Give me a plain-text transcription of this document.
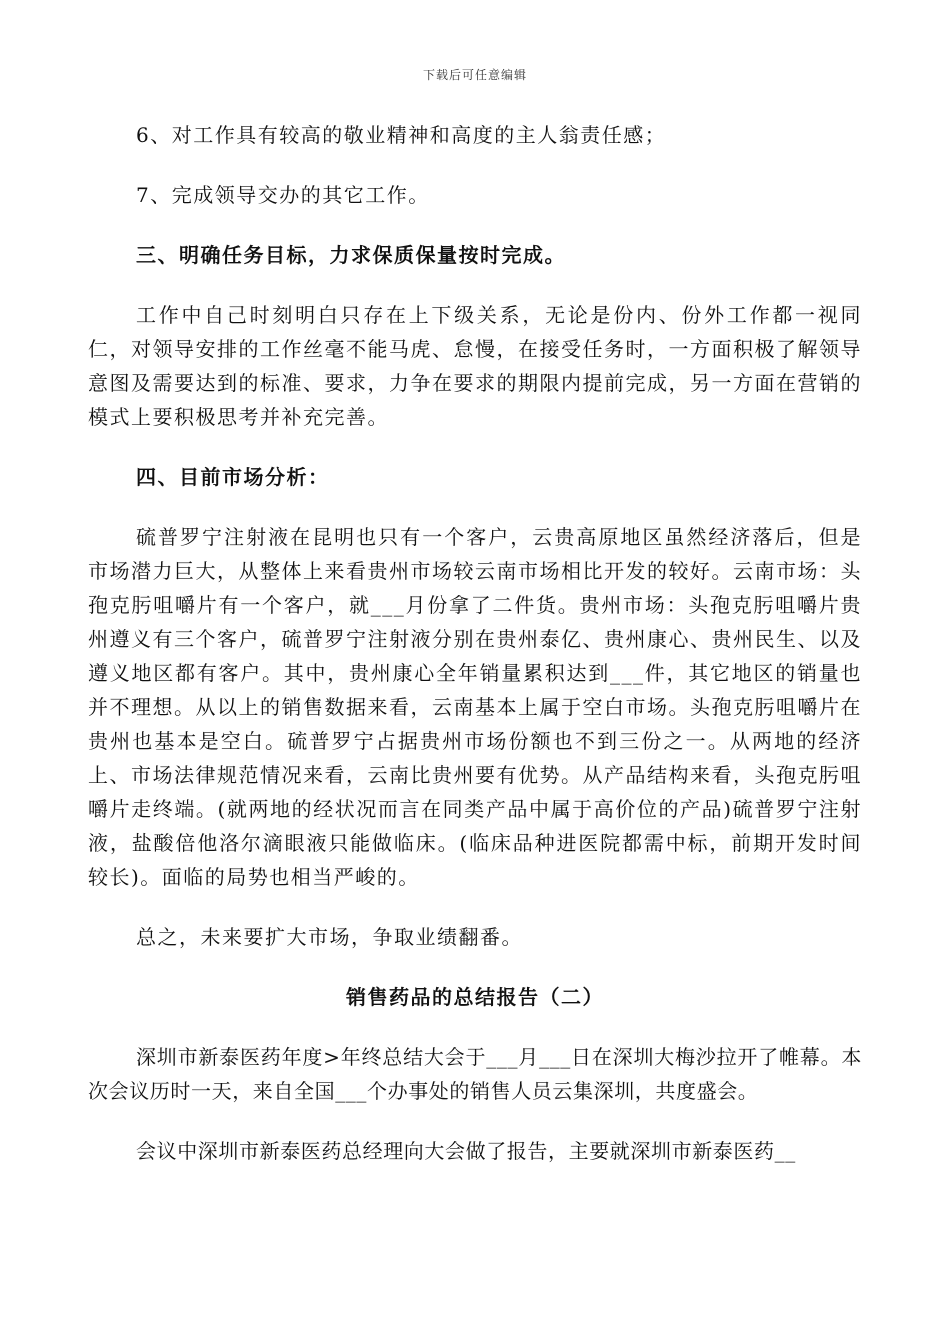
下载后可任意编辑

6、对工作具有较高的敬业精神和高度的主人翁责任感；

7、完成领导交办的其它工作。

三、明确任务目标，力求保质保量按时完成。

工作中自己时刻明白只存在上下级关系，无论是份内、份外工作都一视同仁，对领导安排的工作丝毫不能马虎、怠慢，在接受任务时，一方面积极了解领导意图及需要达到的标准、要求，力争在要求的期限内提前完成，另一方面在营销的模式上要积极思考并补充完善。

四、目前市场分析：

硫普罗宁注射液在昆明也只有一个客户，云贵高原地区虽然经济落后，但是市场潜力巨大，从整体上来看贵州市场较云南市场相比开发的较好。云南市场：头孢克肟咀嚼片有一个客户，就___月份拿了二件货。贵州市场：头孢克肟咀嚼片贵州遵义有三个客户，硫普罗宁注射液分别在贵州泰亿、贵州康心、贵州民生、以及遵义地区都有客户。其中，贵州康心全年销量累积达到___件，其它地区的销量也并不理想。从以上的销售数据来看，云南基本上属于空白市场。头孢克肟咀嚼片在贵州也基本是空白。硫普罗宁占据贵州市场份额也不到三份之一。从两地的经济上、市场法律规范情况来看，云南比贵州要有优势。从产品结构来看，头孢克肟咀嚼片走终端。(就两地的经状况而言在同类产品中属于高价位的产品)硫普罗宁注射液，盐酸倍他洛尔滴眼液只能做临床。(临床品种进医院都需中标，前期开发时间较长)。面临的局势也相当严峻的。

总之，未来要扩大市场，争取业绩翻番。

销售药品的总结报告（二）

深圳市新泰医药年度>年终总结大会于___月___日在深圳大梅沙拉开了帷幕。本次会议历时一天，来自全国___个办事处的销售人员云集深圳，共度盛会。

会议中深圳市新泰医药总经理向大会做了报告，主要就深圳市新泰医药__
